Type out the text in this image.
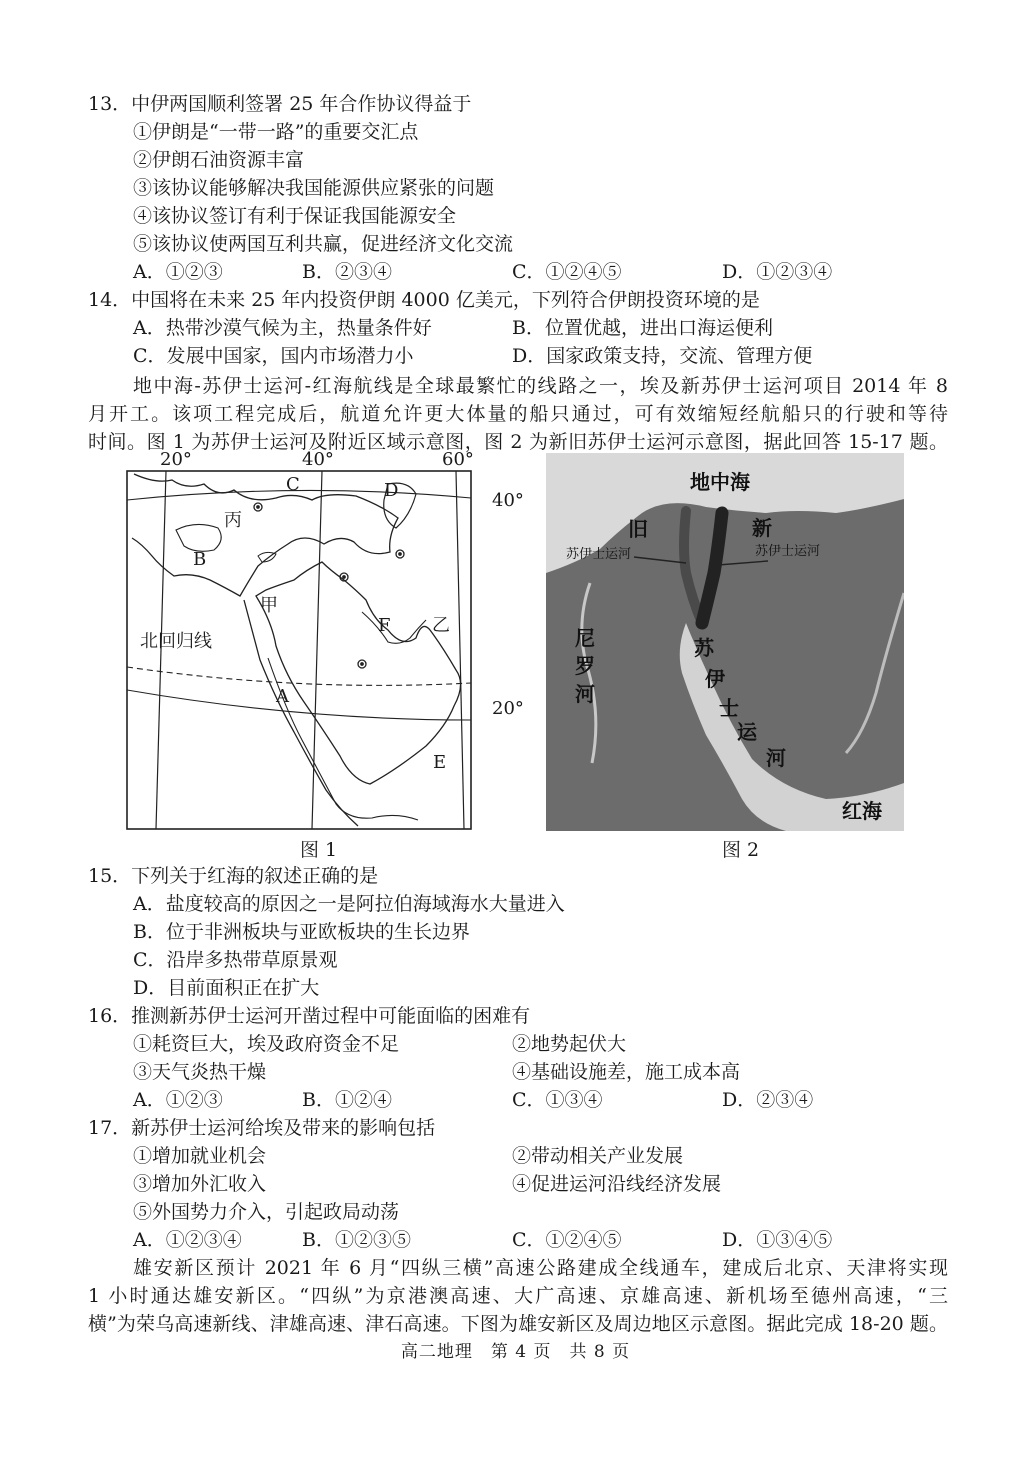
13．中伊两国顺利签署 25 年合作协议得益于
①伊朗是“一带一路”的重要交汇点
②伊朗石油资源丰富
③该协议能够解决我国能源供应紧张的问题
④该协议签订有利于保证我国能源安全
⑤该协议使两国互利共赢，促进经济文化交流
A．①②③	B．②③④	C．①②④⑤	D．①②③④
14．中国将在未来 25 年内投资伊朗 4000 亿美元，下列符合伊朗投资环境的是
A．热带沙漠气候为主，热量条件好	B．位置优越，进出口海运便利
C．发展中国家，国内市场潜力小	D．国家政策支持，交流、管理方便
地中海-苏伊士运河-红海航线是全球最繁忙的线路之一，埃及新苏伊士运河项目 2014 年 8
月开工。该项工程完成后，航道允许更大体量的船只通过，可有效缩短经航船只的行驶和等待
时间。图 1 为苏伊士运河及附近区域示意图，图 2 为新旧苏伊士运河示意图，据此回答 15-17 题。
20°	40°	60°
40°
20°
C	D
丙
B
甲
F 乙
北回归线
A
E
图 1
地中海
旧
苏伊士运河
新
苏伊士运河
尼
罗
河
苏
伊
士
运
河
红海
图 2
15．下列关于红海的叙述正确的是
A．盐度较高的原因之一是阿拉伯海域海水大量进入
B．位于非洲板块与亚欧板块的生长边界
C．沿岸多热带草原景观
D．目前面积正在扩大
16．推测新苏伊士运河开凿过程中可能面临的困难有
①耗资巨大，埃及政府资金不足	②地势起伏大
③天气炎热干燥	④基础设施差，施工成本高
A．①②③	B．①②④	C．①③④	D．②③④
17．新苏伊士运河给埃及带来的影响包括
①增加就业机会	②带动相关产业发展
③增加外汇收入	④促进运河沿线经济发展
⑤外国势力介入，引起政局动荡
A．①②③④	B．①②③⑤	C．①②④⑤	D．①③④⑤
雄安新区预计 2021 年 6 月“四纵三横”高速公路建成全线通车，建成后北京、天津将实现
1 小时通达雄安新区。“四纵”为京港澳高速、大广高速、京雄高速、新机场至德州高速，“三
横”为荣乌高速新线、津雄高速、津石高速。下图为雄安新区及周边地区示意图。据此完成 18-20 题。
高二地理　第 4 页　共 8 页
